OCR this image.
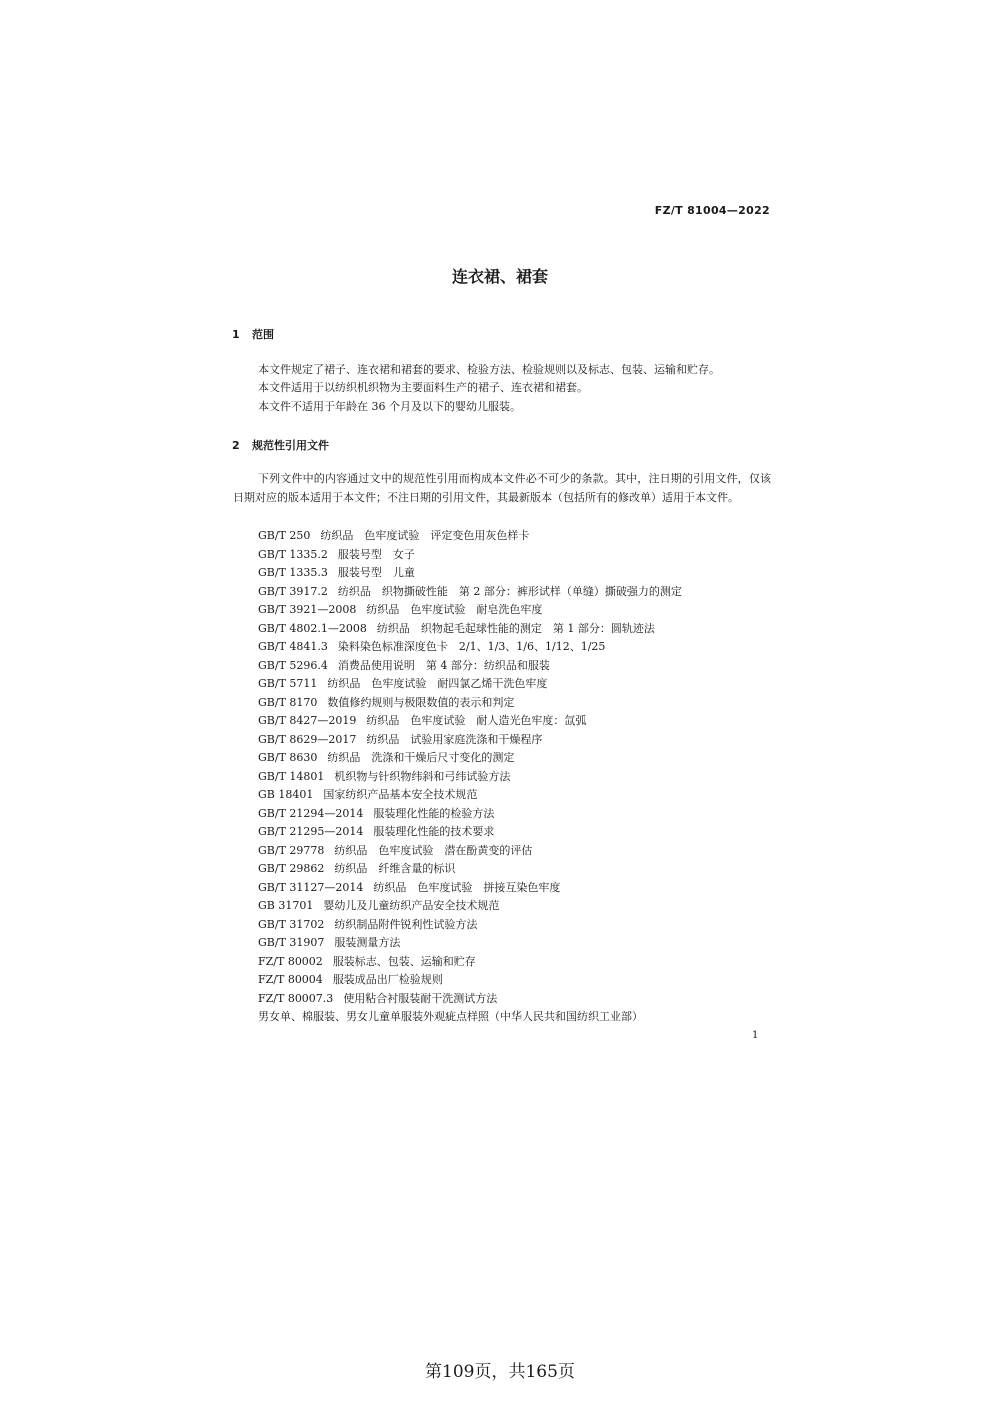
FZ/T 81004—2022
连衣裙、裙套
1 范围
本文件规定了裙子、连衣裙和裙套的要求、检验方法、检验规则以及标志、包装、运输和贮存。
本文件适用于以纺织机织物为主要面料生产的裙子、连衣裙和裙套。
本文件不适用于年龄在 36 个月及以下的婴幼儿服装。
2 规范性引用文件
下列文件中的内容通过文中的规范性引用而构成本文件必不可少的条款。其中，注日期的引用文件，仅该日期对应的版本适用于本文件；不注日期的引用文件，其最新版本（包括所有的修改单）适用于本文件。
GB/T 250 纺织品　色牢度试验　评定变色用灰色样卡
GB/T 1335.2 服装号型　女子
GB/T 1335.3 服装号型　儿童
GB/T 3917.2 纺织品　织物撕破性能　第 2 部分：裤形试样（单缝）撕破强力的测定
GB/T 3921—2008 纺织品　色牢度试验　耐皂洗色牢度
GB/T 4802.1—2008 纺织品　织物起毛起球性能的测定　第 1 部分：圆轨迹法
GB/T 4841.3 染料染色标准深度色卡　2/1、1/3、1/6、1/12、1/25
GB/T 5296.4 消费品使用说明　第 4 部分：纺织品和服装
GB/T 5711 纺织品　色牢度试验　耐四氯乙烯干洗色牢度
GB/T 8170 数值修约规则与极限数值的表示和判定
GB/T 8427—2019 纺织品　色牢度试验　耐人造光色牢度：氙弧
GB/T 8629—2017 纺织品　试验用家庭洗涤和干燥程序
GB/T 8630 纺织品　洗涤和干燥后尺寸变化的测定
GB/T 14801 机织物与针织物纬斜和弓纬试验方法
GB 18401 国家纺织产品基本安全技术规范
GB/T 21294—2014 服装理化性能的检验方法
GB/T 21295—2014 服装理化性能的技术要求
GB/T 29778 纺织品　色牢度试验　潜在酚黄变的评估
GB/T 29862 纺织品　纤维含量的标识
GB/T 31127—2014 纺织品　色牢度试验　拼接互染色牢度
GB 31701 婴幼儿及儿童纺织产品安全技术规范
GB/T 31702 纺织制品附件锐利性试验方法
GB/T 31907 服装测量方法
FZ/T 80002 服装标志、包装、运输和贮存
FZ/T 80004 服装成品出厂检验规则
FZ/T 80007.3 使用粘合衬服装耐干洗测试方法
男女单、棉服装、男女儿童单服装外观疵点样照（中华人民共和国纺织工业部）
1
第109页，共165页
